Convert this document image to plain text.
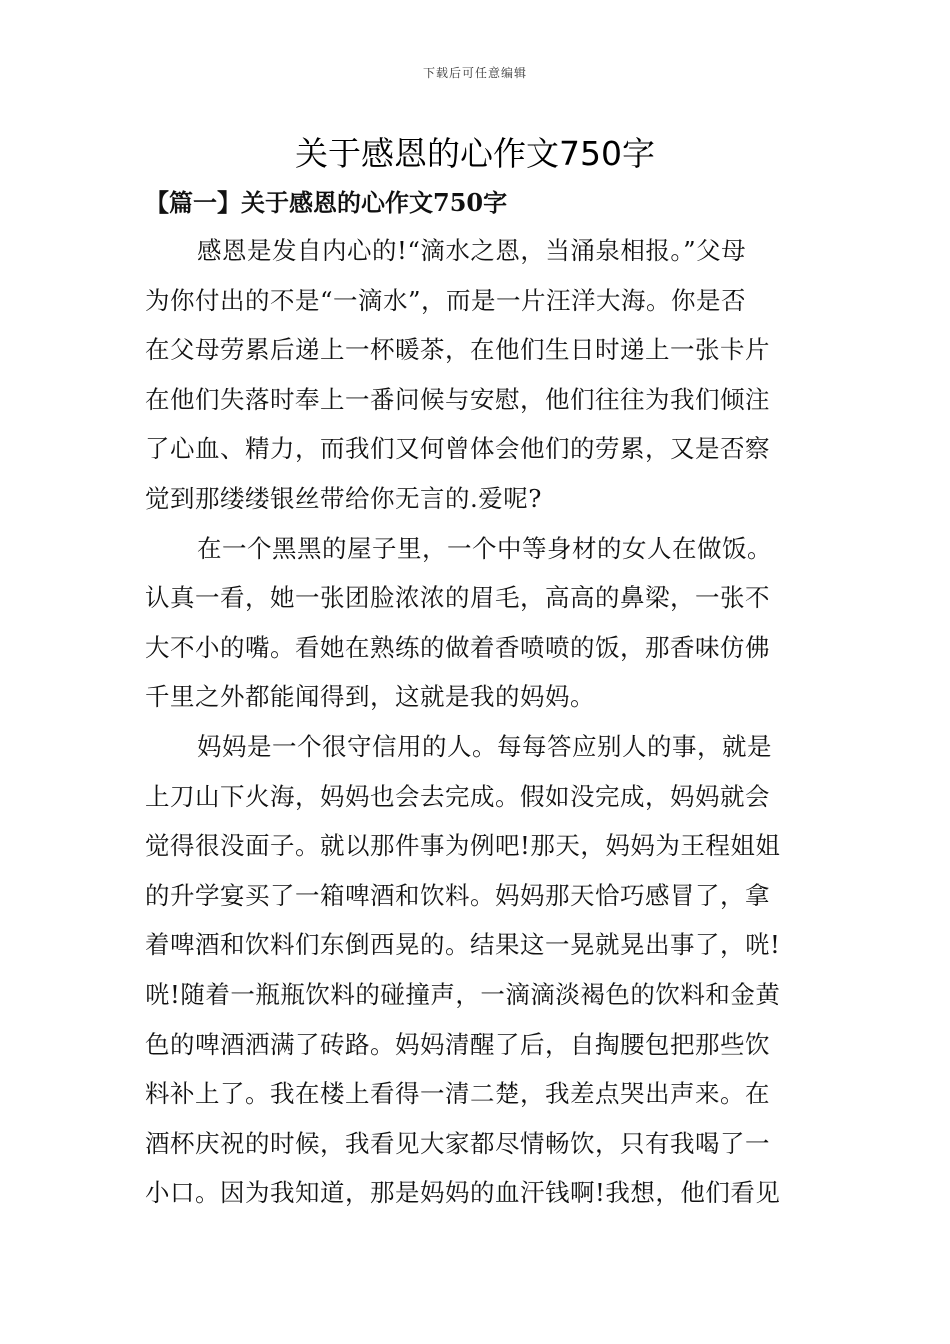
下载后可任意编辑
关于感恩的心作文750字
【篇一】关于感恩的心作文750字
感恩是发自内心的!“滴水之恩，当涌泉相报。”父母
为你付出的不是“一滴水”，而是一片汪洋大海。你是否
在父母劳累后递上一杯暖茶，在他们生日时递上一张卡片
在他们失落时奉上一番问候与安慰，他们往往为我们倾注
了心血、精力，而我们又何曾体会他们的劳累，又是否察
觉到那缕缕银丝带给你无言的.爱呢?
在一个黑黑的屋子里，一个中等身材的女人在做饭。
认真一看，她一张团脸浓浓的眉毛，高高的鼻梁，一张不
大不小的嘴。看她在熟练的做着香喷喷的饭，那香味仿佛
千里之外都能闻得到，这就是我的妈妈。
妈妈是一个很守信用的人。每每答应别人的事，就是
上刀山下火海，妈妈也会去完成。假如没完成，妈妈就会
觉得很没面子。就以那件事为例吧!那天，妈妈为王程姐姐
的升学宴买了一箱啤酒和饮料。妈妈那天恰巧感冒了，拿
着啤酒和饮料们东倒西晃的。结果这一晃就晃出事了，咣!
咣!随着一瓶瓶饮料的碰撞声，一滴滴淡褐色的饮料和金黄
色的啤酒洒满了砖路。妈妈清醒了后，自掏腰包把那些饮
料补上了。我在楼上看得一清二楚，我差点哭出声来。在
酒杯庆祝的时候，我看见大家都尽情畅饮，只有我喝了一
小口。因为我知道，那是妈妈的血汗钱啊!我想，他们看见
